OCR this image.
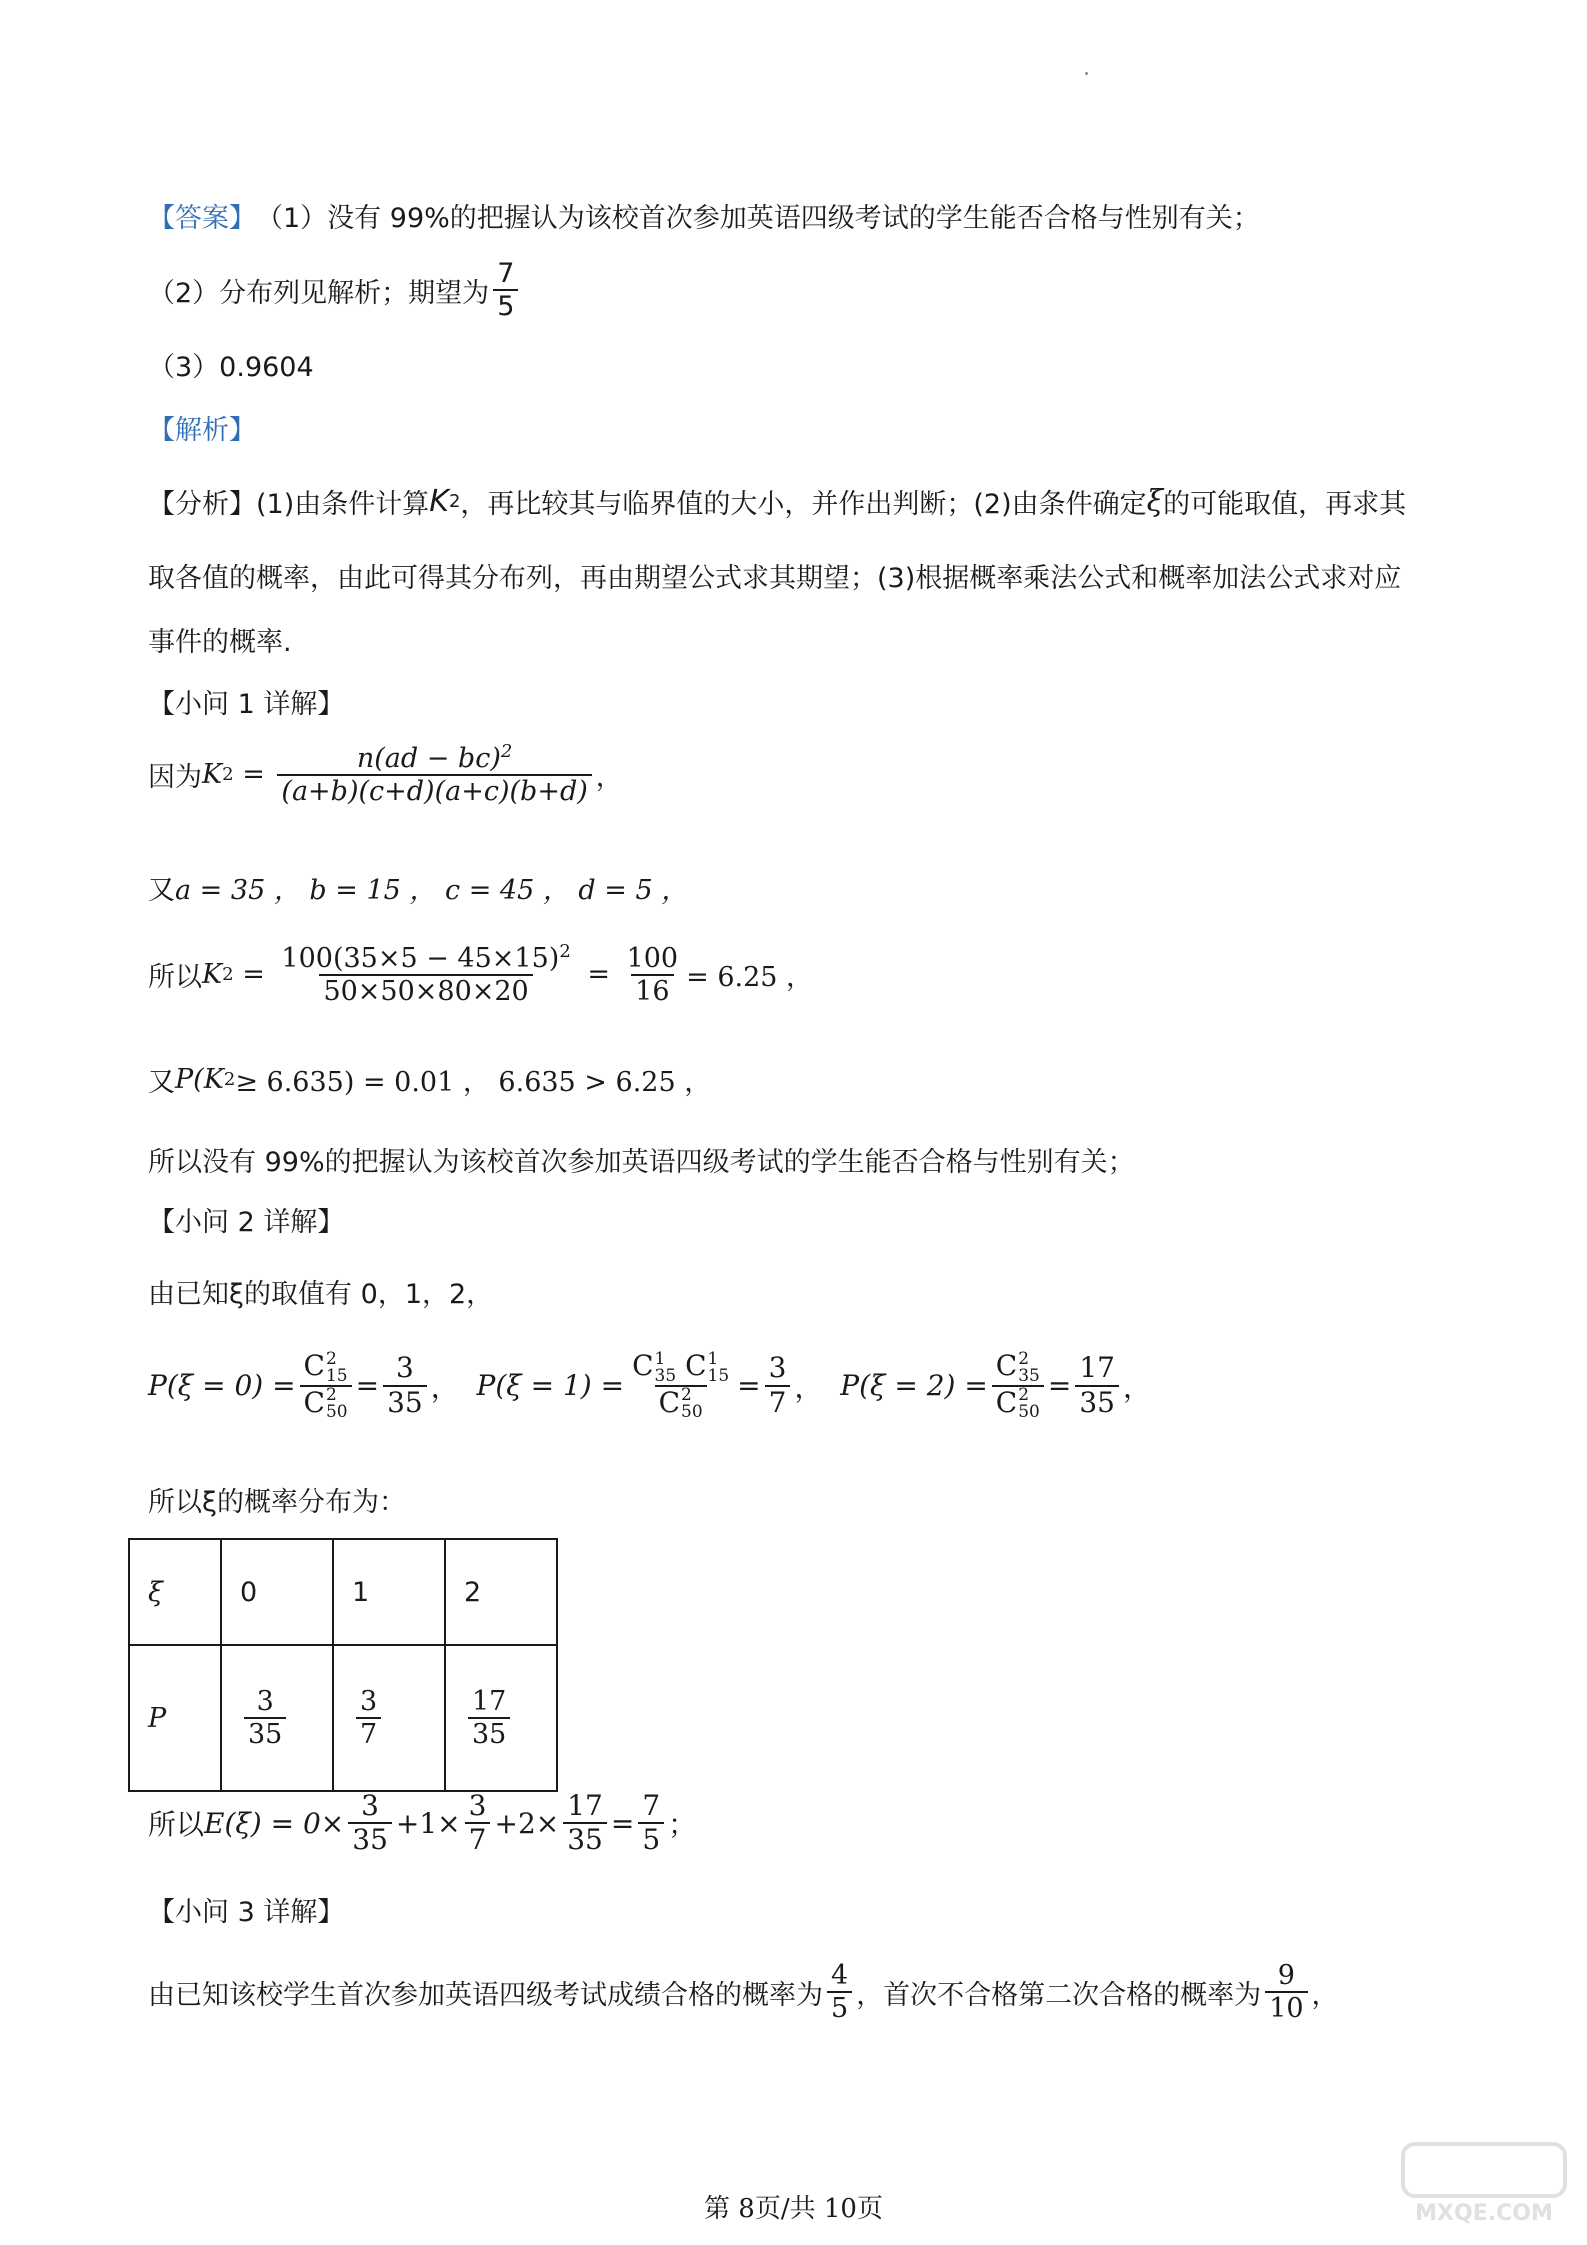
【答案】 （1）没有 99%的把握认为该校首次参加英语四级考试的学生能否合格与性别有关；
（2）分布列见解析；期望为 $\frac{7}{5}$
（3）0.9604
【解析】
【分析】(1)由条件计算 K 2 ，再比较其与临界值的大小，并作出判断；(2)由条件确定 ξ 的可能取值，再求其
取各值的概率，由此可得其分布列，再由期望公式求其期望；(3)根据概率乘法公式和概率加法公式求对应
事件的概率.
【小问 1 详解】
因为 K $2 = \frac{n(ad - bc)^2}{(a+b)(c+d)(a+c)(b+d)}$ ，
又 a = 35 ， b = 15 ， c = 45 ， d = 5 ，
所以 K $2 = \frac{100(35\times 5 - 45\times 15)^2}{50\times 50\times 80\times 20} = \frac{100}{16} = 6.25$ ，
又 P(K 2 ≥ 6.635) = 0.01 ， 6.635 > 6.25 ，
所以没有 99%的把握认为该校首次参加英语四级考试的学生能否合格与性别有关；
【小问 2 详解】
由已知ξ的取值有 0，1，2，
P(ξ = 0) = C 2
15
C 2
$50 = \frac{3}{35}$ ， P(ξ = 1) = C 1
35 C 1
15
C 2
$50 = \frac{3}{7}$ ， P(ξ = 2) = C 2
35
C 2
$50 = \frac{17}{35}$ ，
所以ξ的概率分布为：
ξ	0	1	2
P	$\frac{3}{35}$	$\frac{3}{7}$	$\frac{17}{35}$
所以 $E(\xi) = 0\times \frac{3}{35} +1\times \frac{3}{7} +2\times \frac{17}{35} = \frac{7}{5}$ ；
【小问 3 详解】
由已知该校学生首次参加英语四级考试成绩合格的概率为 $\frac{4}{5}$ ，首次不合格第二次合格的概率为 $\frac{9}{10}$ ，
第 8页/共 10页	MXQE.COM
